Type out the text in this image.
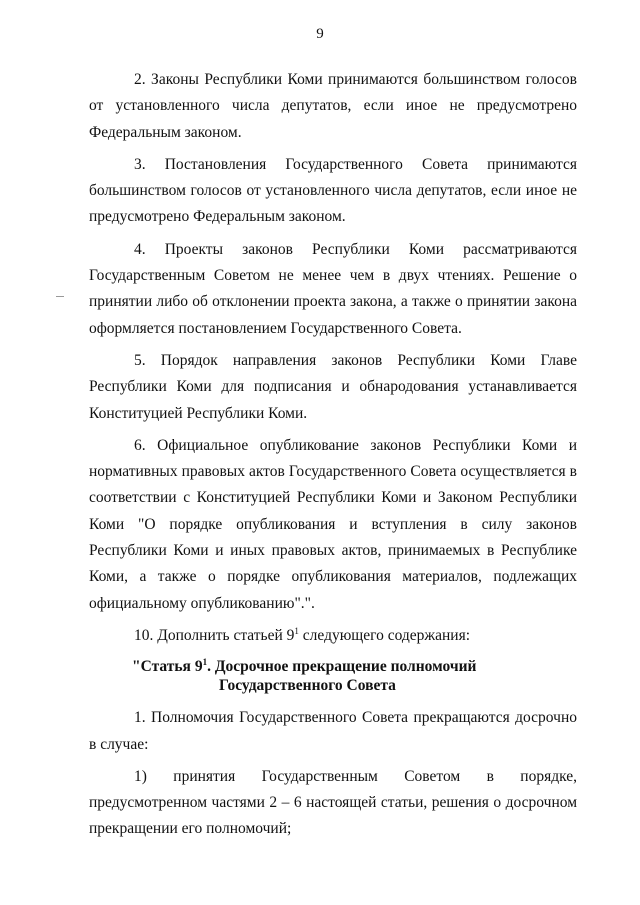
9

2. Законы Республики Коми принимаются большинством голосов от установленного числа депутатов, если иное не предусмотрено Федеральным законом.

3. Постановления Государственного Совета принимаются большинством голосов от установленного числа депутатов, если иное не предусмотрено Федеральным законом.

4. Проекты законов Республики Коми рассматриваются Государственным Советом не менее чем в двух чтениях. Решение о принятии либо об отклонении проекта закона, а также о принятии закона оформляется постановлением Государственного Совета.

5. Порядок направления законов Республики Коми Главе Республики Коми для подписания и обнародования устанавливается Конституцией Республики Коми.

6. Официальное опубликование законов Республики Коми и нормативных правовых актов Государственного Совета осуществляется в соответствии с Конституцией Республики Коми и Законом Республики Коми "О порядке опубликования и вступления в силу законов Республики Коми и иных правовых актов, принимаемых в Республике Коми, а также о порядке опубликования материалов, подлежащих официальному опубликованию".".

10. Дополнить статьей $9^1$ следующего содержания:

"Статья $9^1$. Досрочное прекращение полномочий
Государственного Совета

1. Полномочия Государственного Совета прекращаются досрочно в случае:

1) принятия Государственным Советом в порядке, предусмотренном частями 2 – 6 настоящей статьи, решения о досрочном прекращении его полномочий;
